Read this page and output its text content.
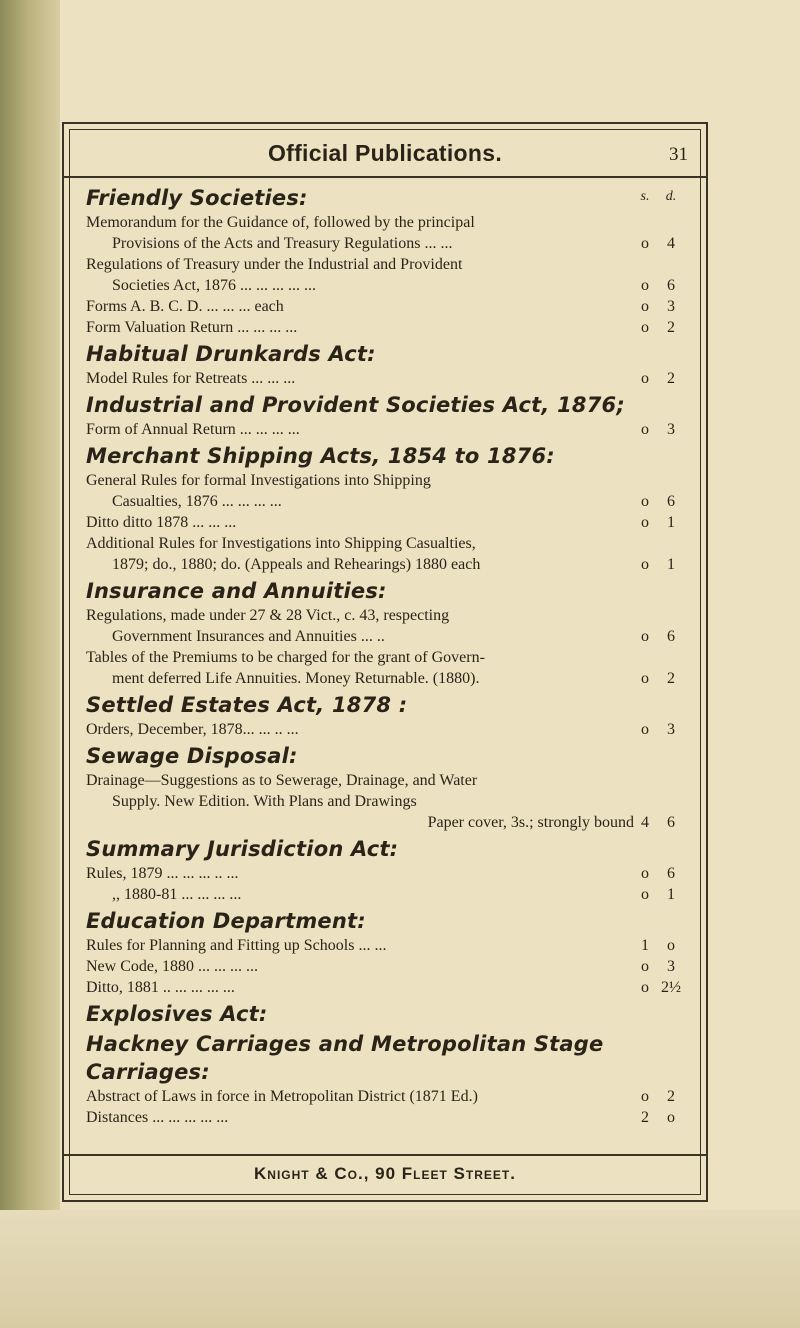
Official Publications.	31
s.	d.
Friendly Societies:
Memorandum for the Guidance of, followed by the principal
Provisions of the Acts and Treasury Regulations ... ...	o	4
Regulations of Treasury under the Industrial and Provident
Societies Act, 1876 ... ... ... ... ...	o	6
Forms A. B. C. D. ... ... ... each	o	3
Form Valuation Return ... ... ... ...	o	2
Habitual Drunkards Act:
Model Rules for Retreats ... ... ...	o	2
Industrial and Provident Societies Act, 1876;
Form of Annual Return ... ... ... ...	o	3
Merchant Shipping Acts, 1854 to 1876:
General Rules for formal Investigations into Shipping
Casualties, 1876 ... ... ... ...	o	6
Ditto ditto 1878 ... ... ...	o	1
Additional Rules for Investigations into Shipping Casualties,
1879; do., 1880; do. (Appeals and Rehearings) 1880 each	o	1
Insurance and Annuities:
Regulations, made under 27 & 28 Vict., c. 43, respecting
Government Insurances and Annuities ... ..	o	6
Tables of the Premiums to be charged for the grant of Govern-
ment deferred Life Annuities. Money Returnable. (1880).	o	2
Settled Estates Act, 1878 :
Orders, December, 1878... ... .. ...	o	3
Sewage Disposal:
Drainage—Suggestions as to Sewerage, Drainage, and Water
Supply. New Edition. With Plans and Drawings
Paper cover, 3s.; strongly bound 4	6
Summary Jurisdiction Act:
Rules, 1879 ... ... ... .. ...	o	6
,, 1880-81 ... ... ... ...	o	1
Education Department:
Rules for Planning and Fitting up Schools ... ...	1	o
New Code, 1880 ... ... ... ...	o	3
Ditto, 1881 .. ... ... ... ...	o 2½
Explosives Act:
Hackney Carriages and Metropolitan Stage Carriages:
Abstract of Laws in force in Metropolitan District (1871 Ed.)	o	2
Distances ... ... ... ... ...	2	o
Knight & Co., 90 Fleet Street.
